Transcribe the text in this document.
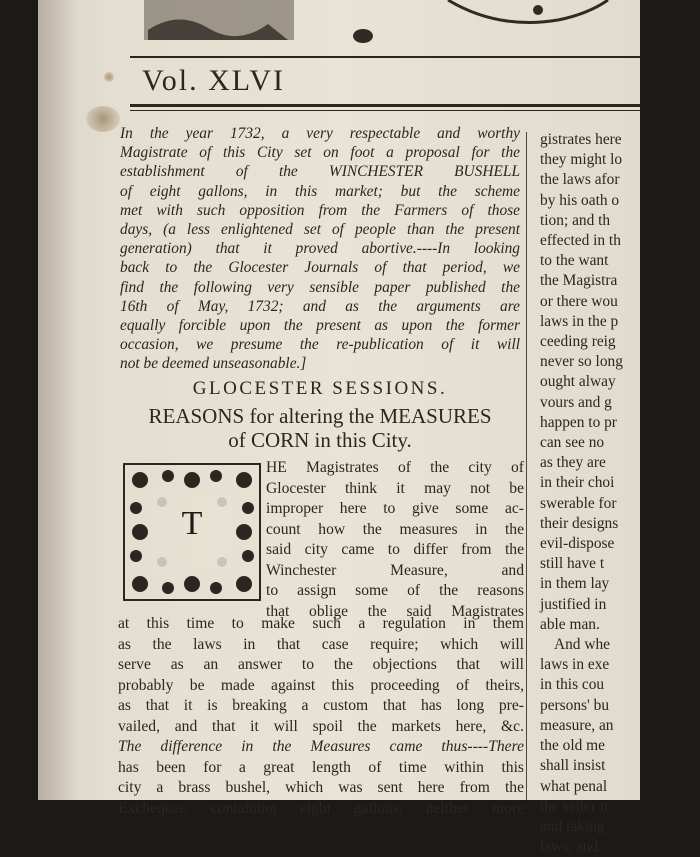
Vol. XLVI
In the year 1732, a very respectable and worthy
Magistrate of this City set on foot a proposal for the
establishment of the WINCHESTER BUSHELL
of eight gallons, in this market; but the scheme
met with such opposition from the Farmers of those
days, (a less enlightened set of people than the present
generation) that it proved abortive.----In looking
back to the Glocester Journals of that period, we
find the following very sensible paper published the
16th of May, 1732; and as the arguments are
equally forcible upon the present as upon the former
occasion, we presume the re-publication of it will
not be deemed unseasonable.]
GLOCESTER SESSIONS.
REASONS for altering the MEASURES
of CORN in this City.
T
HE Magistrates of the city of
Glocester think it may not be
improper here to give some ac-
count how the measures in the
said city came to differ from the
Winchester Measure, and
to assign some of the reasons
that oblige the said Magistrates
at this time to make such a regulation in them
as the laws in that case require; which will
serve as an answer to the objections that will
probably be made against this proceeding of theirs,
as that it is breaking a custom that has long pre-
vailed, and that it will spoil the markets here, &c.
The difference in the Measures came thus----There
has been for a great length of time within this
city a brass bushel, which was sent here from the
Exchequer, containing eight gallons, neither more
gistrates here
they might lo
the laws afor
by his oath o
tion; and th
effected in th
to the want
the Magistra
or there wou
laws in the p
ceeding reig
never so long
ought alway
vours and g
happen to pr
can see no
as they are
in their choi
swerable for
their designs
evil-dispose
still have t
in them lay
justified in
able man.
And whe
laws in exe
in this cou
persons' bu
measure, an
the old me
shall insist
what penal
the seller n
and taking
laws, and
